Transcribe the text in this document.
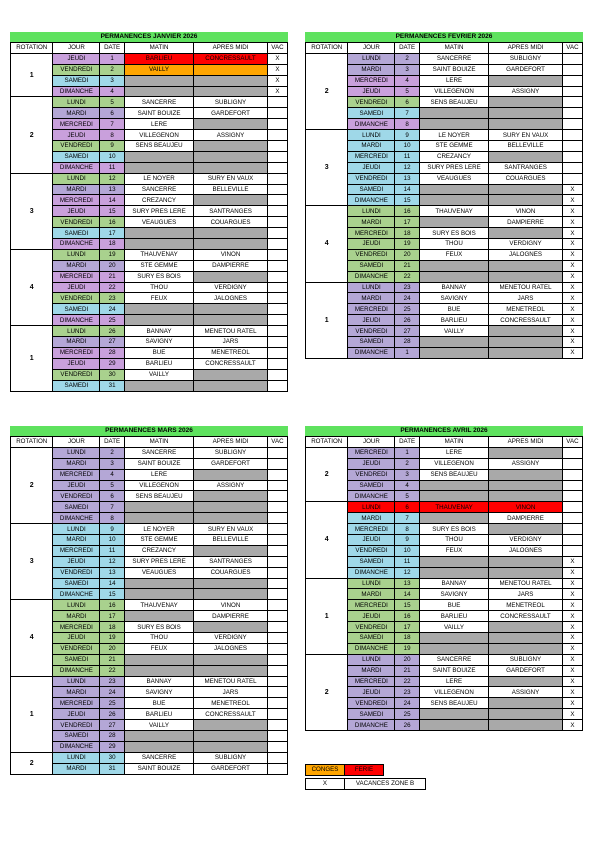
PERMANENCES JANVIER 2026
ROTATION	JOUR	DATE	MATIN	APRES MIDI	VAC
1	JEUDI	1	BARLIEU	CONCRESSAULT	X
	VENDREDI	2	VAILLY		X
	SAMEDI	3			X
	DIMANCHE	4			X
2	LUNDI	5	SANCERRE	SUBLIGNY	
	MARDI	6	SAINT BOUIZE	GARDEFORT	
	MERCREDI	7	LERE		
	JEUDI	8	VILLEGENON	ASSIGNY	
	VENDREDI	9	SENS BEAUJEU		
	SAMEDI	10			
	DIMANCHE	11			
3	LUNDI	12	LE NOYER	SURY EN VAUX	
	MARDI	13	SANCERRE	BELLEVILLE	
	MERCREDI	14	CREZANCY		
	JEUDI	15	SURY PRES LERE	SANTRANGES	
	VENDREDI	16	VEAUGUES	COUARGUES	
	SAMEDI	17			
	DIMANCHE	18			
4	LUNDI	19	THAUVENAY	VINON	
	MARDI	20	STE GEMME	DAMPIERRE	
	MERCREDI	21	SURY ES BOIS		
	JEUDI	22	THOU	VERDIGNY	
	VENDREDI	23	FEUX	JALOGNES	
	SAMEDI	24			
	DIMANCHE	25			
1	LUNDI	26	BANNAY	MENETOU RATEL	
	MARDI	27	SAVIGNY	JARS	
	MERCREDI	28	BUE	MENETREOL	
	JEUDI	29	BARLIEU	CONCRESSAULT	
	VENDREDI	30	VAILLY		
	SAMEDI	31			
PERMANENCES FEVRIER 2026
ROTATION	JOUR	DATE	MATIN	APRES MIDI	VAC
2	LUNDI	2	SANCERRE	SUBLIGNY	
	MARDI	3	SAINT BOUIZE	GARDEFORT	
	MERCREDI	4	LERE		
	JEUDI	5	VILLEGENON	ASSIGNY	
	VENDREDI	6	SENS BEAUJEU		
	SAMEDI	7			
	DIMANCHE	8			
3	LUNDI	9	LE NOYER	SURY EN VAUX	
	MARDI	10	STE GEMME	BELLEVILLE	
	MERCREDI	11	CREZANCY		
	JEUDI	12	SURY PRES LERE	SANTRANGES	
	VENDREDI	13	VEAUGUES	COUARGUES	
	SAMEDI	14			X
	DIMANCHE	15			X
4	LUNDI	16	THAUVENAY	VINON	X
	MARDI	17		DAMPIERRE	X
	MERCREDI	18	SURY ES BOIS		X
	JEUDI	19	THOU	VERDIGNY	X
	VENDREDI	20	FEUX	JALOGNES	X
	SAMEDI	21			X
	DIMANCHE	22			X
1	LUNDI	23	BANNAY	MENETOU RATEL	X
	MARDI	24	SAVIGNY	JARS	X
	MERCREDI	25	BUE	MENETREOL	X
	JEUDI	26	BARLIEU	CONCRESSAULT	X
	VENDREDI	27	VAILLY		X
	SAMEDI	28			X
	DIMANCHE	1			X
PERMANENCES MARS 2026
ROTATION	JOUR	DATE	MATIN	APRES MIDI	VAC
2	LUNDI	2	SANCERRE	SUBLIGNY	
	MARDI	3	SAINT BOUIZE	GARDEFORT	
	MERCREDI	4	LERE		
	JEUDI	5	VILLEGENON	ASSIGNY	
	VENDREDI	6	SENS BEAUJEU		
	SAMEDI	7			
	DIMANCHE	8			
3	LUNDI	9	LE NOYER	SURY EN VAUX	
	MARDI	10	STE GEMME	BELLEVILLE	
	MERCREDI	11	CREZANCY		
	JEUDI	12	SURY PRES LERE	SANTRANGES	
	VENDREDI	13	VEAUGUES	COUARGUES	
	SAMEDI	14			
	DIMANCHE	15			
4	LUNDI	16	THAUVENAY	VINON	
	MARDI	17		DAMPIERRE	
	MERCREDI	18	SURY ES BOIS		
	JEUDI	19	THOU	VERDIGNY	
	VENDREDI	20	FEUX	JALOGNES	
	SAMEDI	21			
	DIMANCHE	22			
1	LUNDI	23	BANNAY	MENETOU RATEL	
	MARDI	24	SAVIGNY	JARS	
	MERCREDI	25	BUE	MENETREOL	
	JEUDI	26	BARLIEU	CONCRESSAULT	
	VENDREDI	27	VAILLY		
	SAMEDI	28			
	DIMANCHE	29			
2	LUNDI	30	SANCERRE	SUBLIGNY	
	MARDI	31	SAINT BOUIZE	GARDEFORT	
PERMANENCES AVRIL 2026
ROTATION	JOUR	DATE	MATIN	APRES MIDI	VAC
2	MERCREDI	1	LERE		
	JEUDI	2	VILLEGENON	ASSIGNY	
	VENDREDI	3	SENS BEAUJEU		
	SAMEDI	4			
	DIMANCHE	5			
4	LUNDI	6	THAUVENAY	VINON	
	MARDI	7		DAMPIERRE	
	MERCREDI	8	SURY ES BOIS		
	JEUDI	9	THOU	VERDIGNY	
	VENDREDI	10	FEUX	JALOGNES	
	SAMEDI	11			X
	DIMANCHE	12			X
1	LUNDI	13	BANNAY	MENETOU RATEL	X
	MARDI	14	SAVIGNY	JARS	X
	MERCREDI	15	BUE	MENETREOL	X
	JEUDI	16	BARLIEU	CONCRESSAULT	X
	VENDREDI	17	VAILLY		X
	SAMEDI	18			X
	DIMANCHE	19			X
2	LUNDI	20	SANCERRE	SUBLIGNY	X
	MARDI	21	SAINT BOUIZE	GARDEFORT	X
	MERCREDI	22	LERE		X
	JEUDI	23	VILLEGENON	ASSIGNY	X
	VENDREDI	24	SENS BEAUJEU		X
	SAMEDI	25			X
	DIMANCHE	26			X
CONGES	FERIE
X	VACANCES ZONE B
